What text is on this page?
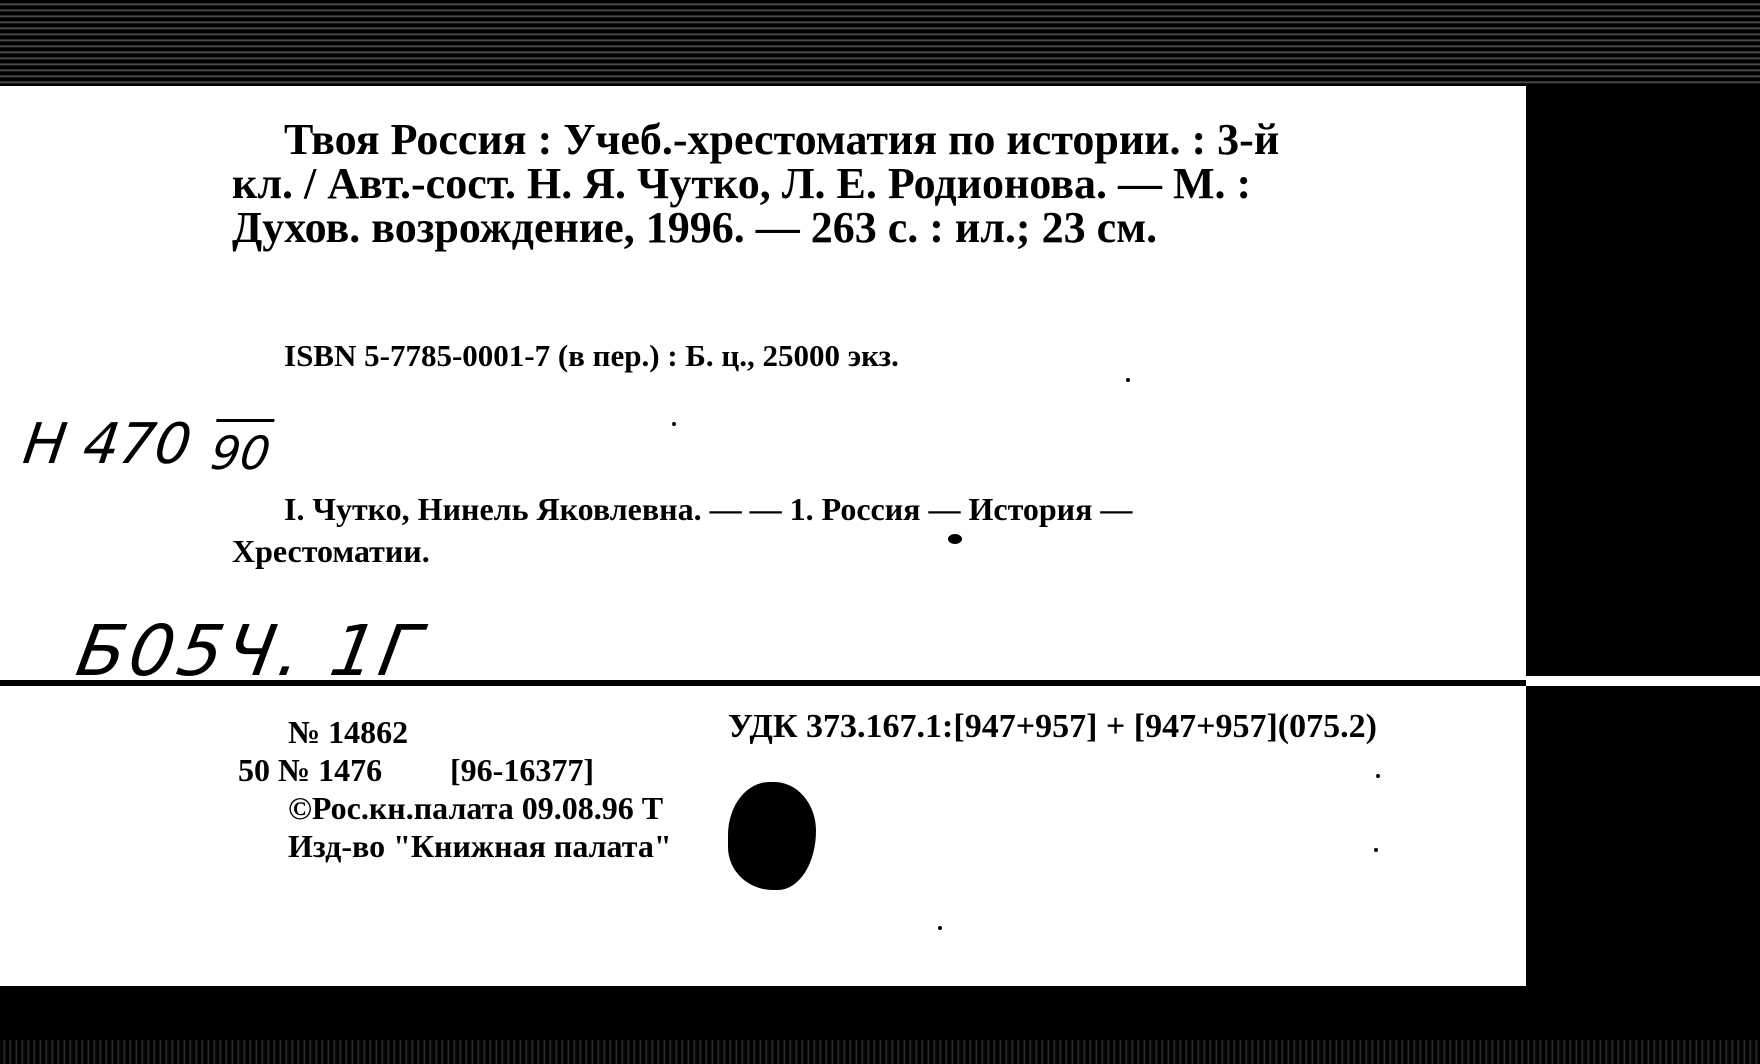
Твоя Россия : Учеб.-хрестоматия по истории. : 3-й
кл. / Авт.-сост. Н. Я. Чутко, Л. Е. Родионова. — М. :
Духов. возрождение, 1996. — 263 с. : ил.; 23 см.
ISBN 5-7785-0001-7 (в пер.) : Б. ц., 25000 экз.
Н 470 90
I. Чутко, Нинель Яковлевна. — — 1. Россия — История —
Хрестоматии.
Б05Ч. 1Г
№ 14862	УДК 373.167.1:[947+957] + [947+957](075.2)
50 № 1476 [96-16377]
©Рос.кн.палата 09.08.96 Т
Изд-во "Книжная палата"
